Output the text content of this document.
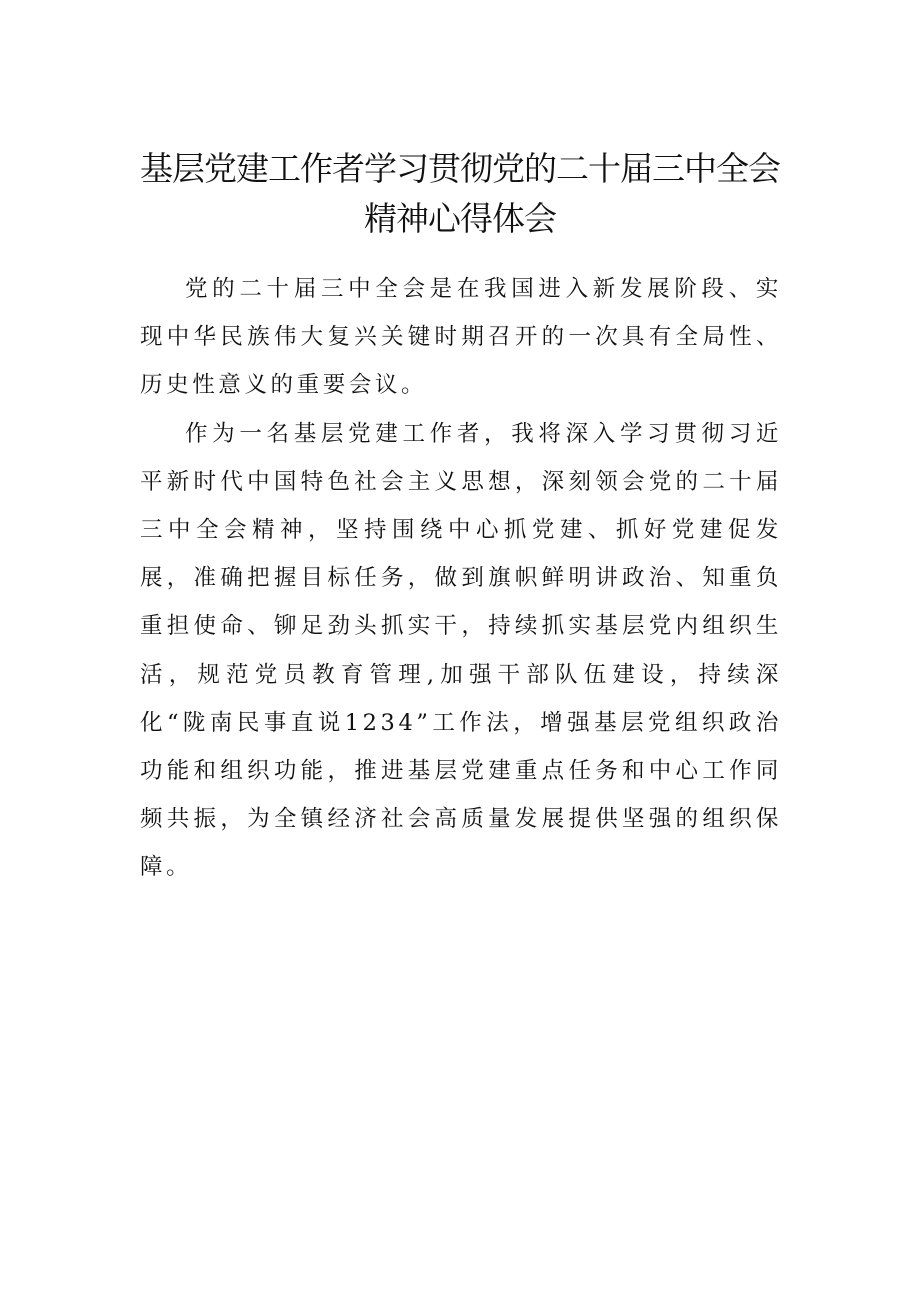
基层党建工作者学习贯彻党的二十届三中全会
精神心得体会

党的二十届三中全会是在我国进入新发展阶段、实现中华民族伟大复兴关键时期召开的一次具有全局性、历史性意义的重要会议。

作为一名基层党建工作者，我将深入学习贯彻习近平新时代中国特色社会主义思想，深刻领会党的二十届三中全会精神，坚持围绕中心抓党建、抓好党建促发展，准确把握目标任务，做到旗帜鲜明讲政治、知重负重担使命、铆足劲头抓实干，持续抓实基层党内组织生活，规范党员教育管理,加强干部队伍建设，持续深化“陇南民事直说1234”工作法，增强基层党组织政治功能和组织功能，推进基层党建重点任务和中心工作同频共振，为全镇经济社会高质量发展提供坚强的组织保障。
